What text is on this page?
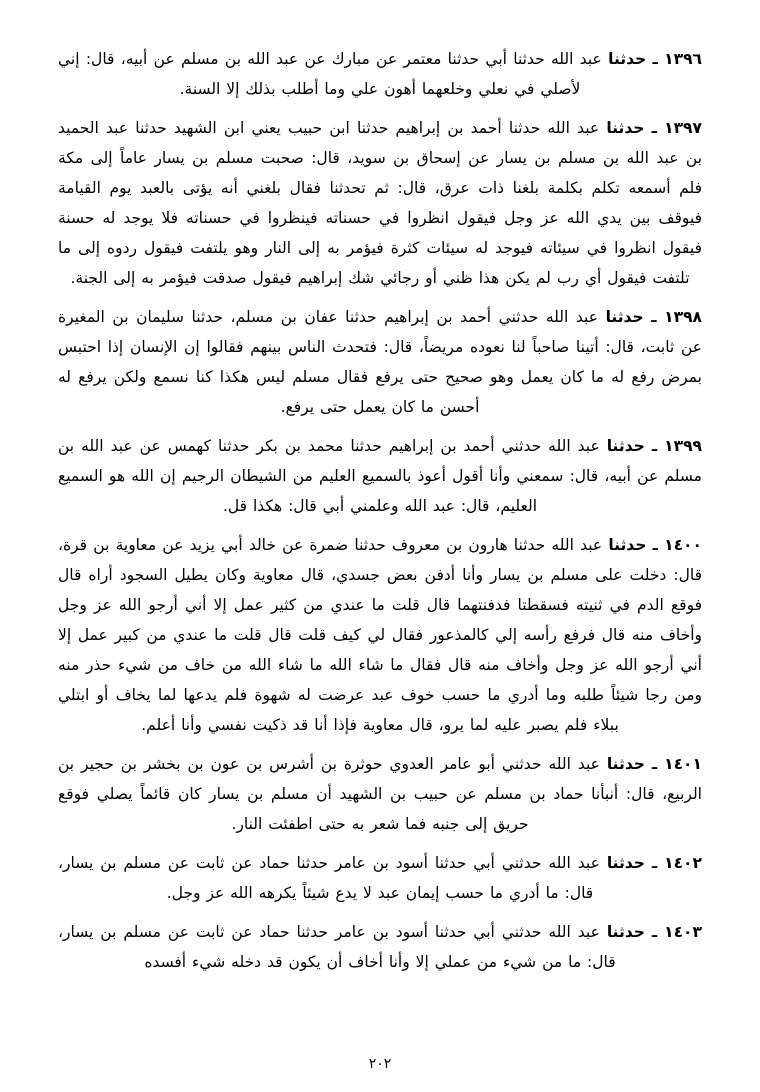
١٣٩٦ ـ حدثنا عبد الله حدثنا أبي حدثنا معتمر عن مبارك عن عبد الله بن مسلم عن أبيه، قال: إني لأصلي في نعلي وخلعهما أهون علي وما أطلب بذلك إلا السنة.

١٣٩٧ ـ حدثنا عبد الله حدثنا أحمد بن إبراهيم حدثنا ابن حبيب يعني ابن الشهيد حدثنا عبد الحميد بن عبد الله بن مسلم بن يسار عن إسحاق بن سويد، قال: صحبت مسلم بن يسار عاماً إلى مكة فلم أسمعه تكلم بكلمة بلغنا ذات عرق، قال: ثم تحدثنا فقال بلغني أنه يؤتى بالعبد يوم القيامة فيوقف بين يدي الله عز وجل فيقول انظروا في حسناته فينظروا في حسناته فلا يوجد له حسنة فيقول انظروا في سيئاته فيوجد له سيئات كثرة فيؤمر به إلى النار وهو يلتفت فيقول ردوه إلى ما تلتفت فيقول أي رب لم يكن هذا ظني أو رجائي شك إبراهيم فيقول صدقت فيؤمر به إلى الجنة.

١٣٩٨ ـ حدثنا عبد الله حدثني أحمد بن إبراهيم حدثنا عفان بن مسلم، حدثنا سليمان بن المغيرة عن ثابت، قال: أتينا صاحباً لنا نعوده مريضاً، قال: فتحدث الناس بينهم فقالوا إن الإنسان إذا احتبس بمرض رفع له ما كان يعمل وهو صحيح حتى يرفع فقال مسلم ليس هكذا كنا نسمع ولكن يرفع له أحسن ما كان يعمل حتى يرفع.

١٣٩٩ ـ حدثنا عبد الله حدثني أحمد بن إبراهيم حدثنا محمد بن بكر حدثنا كهمس عن عبد الله بن مسلم عن أبيه، قال: سمعني وأنا أقول أعوذ بالسميع العليم من الشيطان الرجيم إن الله هو السميع العليم، قال: عبد الله وعلمني أبي قال: هكذا قل.

١٤٠٠ ـ حدثنا عبد الله حدثنا هارون بن معروف حدثنا ضمرة عن خالد أبي يزيد عن معاوية بن قرة، قال: دخلت على مسلم بن يسار وأنا أدفن بعض جسدي، قال معاوية وكان يطيل السجود أراه قال فوقع الدم في ثنيته فسقطتا فدفنتهما قال قلت ما عندي من كثير عمل إلا أني أرجو الله عز وجل وأخاف منه قال فرفع رأسه إلي كالمذعور فقال لي كيف قلت قال قلت ما عندي من كبير عمل إلا أني أرجو الله عز وجل وأخاف منه قال فقال ما شاء الله ما شاء الله من خاف من شيء حذر منه ومن رجا شيئاً طلبه وما أدري ما حسب خوف عبد عرضت له شهوة فلم يدعها لما يخاف أو ابتلي ببلاء فلم يصبر عليه لما يرو، قال معاوية فإذا أنا قد ذكيت نفسي وأنا أعلم.

١٤٠١ ـ حدثنا عبد الله حدثني أبو عامر العدوي حوثرة بن أشرس بن عون بن بخشر بن حجير بن الربيع، قال: أنبأنا حماد بن مسلم عن حبيب بن الشهيد أن مسلم بن يسار كان قائماً يصلي فوقع حريق إلى جنبه فما شعر به حتى اطفئت النار.

١٤٠٢ ـ حدثنا عبد الله حدثني أبي حدثنا أسود بن عامر حدثنا حماد عن ثابت عن مسلم بن يسار، قال: ما أدري ما حسب إيمان عبد لا يدع شيئاً يكرهه الله عز وجل.

١٤٠٣ ـ حدثنا عبد الله حدثني أبي حدثنا أسود بن عامر حدثنا حماد عن ثابت عن مسلم بن يسار، قال: ما من شيء من عملي إلا وأنا أخاف أن يكون قد دخله شيء أفسده

٢٠٢
